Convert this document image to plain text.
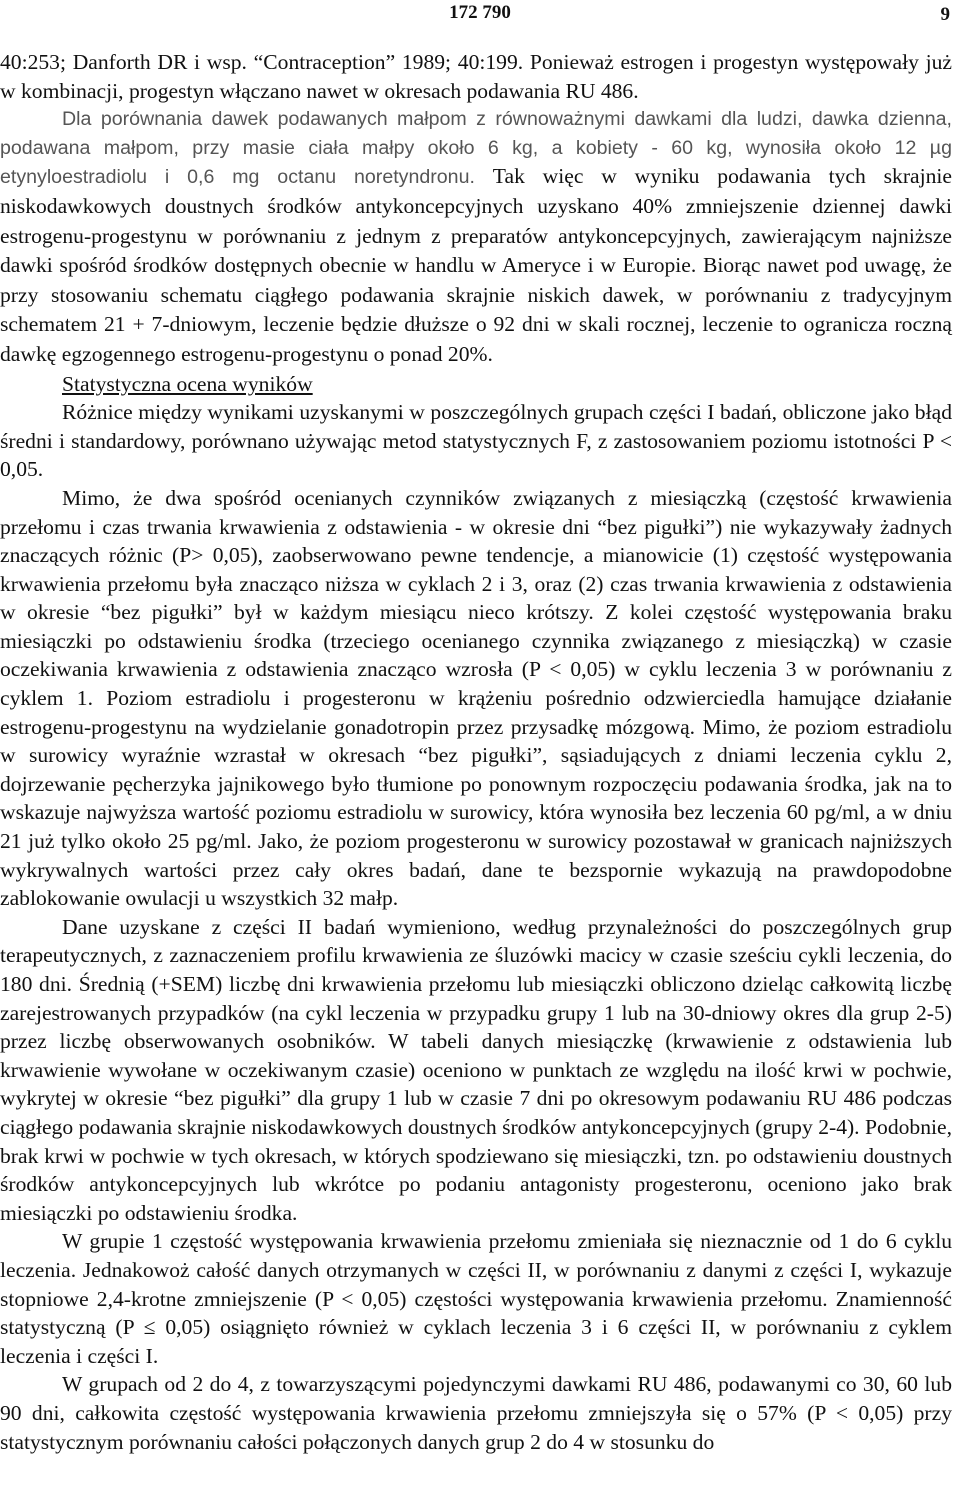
172 790	9

40:253; Danforth DR i wsp. “Contraception” 1989; 40:199. Ponieważ estrogen i progestyn występowały już w kombinacji, progestyn włączano nawet w okresach podawania RU 486.

Dla porównania dawek podawanych małpom z równoważnymi dawkami dla ludzi, dawka dzienna, podawana małpom, przy masie ciała małpy około 6 kg, a kobiety - 60 kg, wynosiła około 12 µg etynyloestradiolu i 0,6 mg octanu noretyndronu. Tak więc w wyniku podawania tych skrajnie niskodawkowych doustnych środków antykoncepcyjnych uzyskano 40% zmniejszenie dziennej dawki estrogenu-progestynu w porównaniu z jednym z preparatów antykoncepcyjnych, zawierającym najniższe dawki spośród środków dostępnych obecnie w handlu w Ameryce i w Europie. Biorąc nawet pod uwagę, że przy stosowaniu schematu ciągłego podawania skrajnie niskich dawek, w porównaniu z tradycyjnym schematem 21 + 7-dniowym, leczenie będzie dłuższe o 92 dni w skali rocznej, leczenie to ogranicza roczną dawkę egzogennego estrogenu-progestynu o ponad 20%.

Statystyczna ocena wyników

Różnice między wynikami uzyskanymi w poszczególnych grupach części I badań, obliczone jako błąd średni i standardowy, porównano używając metod statystycznych F, z zastosowaniem poziomu istotności P < 0,05.

Mimo, że dwa spośród ocenianych czynników związanych z miesiączką (częstość krwawienia przełomu i czas trwania krwawienia z odstawienia - w okresie dni “bez pigułki”) nie wykazywały żadnych znaczących różnic (P> 0,05), zaobserwowano pewne tendencje, a mianowicie (1) częstość występowania krwawienia przełomu była znacząco niższa w cyklach 2 i 3, oraz (2) czas trwania krwawienia z odstawienia w okresie “bez pigułki” był w każdym miesiącu nieco krótszy. Z kolei częstość występowania braku miesiączki po odstawieniu środka (trzeciego ocenianego czynnika związanego z miesiączką) w czasie oczekiwania krwawienia z odstawienia znacząco wzrosła (P < 0,05) w cyklu leczenia 3 w porównaniu z cyklem 1. Poziom estradiolu i progesteronu w krążeniu pośrednio odzwierciedla hamujące działanie estrogenu-progestynu na wydzielanie gonadotropin przez przysadkę mózgową. Mimo, że poziom estradiolu w surowicy wyraźnie wzrastał w okresach “bez pigułki”, sąsiadujących z dniami leczenia cyklu 2, dojrzewanie pęcherzyka jajnikowego było tłumione po ponownym rozpoczęciu podawania środka, jak na to wskazuje najwyższa wartość poziomu estradiolu w surowicy, która wynosiła bez leczenia 60 pg/ml, a w dniu 21 już tylko około 25 pg/ml. Jako, że poziom progesteronu w surowicy pozostawał w granicach najniższych wykrywalnych wartości przez cały okres badań, dane te bezspornie wykazują na prawdopodobne zablokowanie owulacji u wszystkich 32 małp.

Dane uzyskane z części II badań wymieniono, według przynależności do poszczególnych grup terapeutycznych, z zaznaczeniem profilu krwawienia ze śluzówki macicy w czasie sześciu cykli leczenia, do 180 dni. Średnią (+SEM) liczbę dni krwawienia przełomu lub miesiączki obliczono dzieląc całkowitą liczbę zarejestrowanych przypadków (na cykl leczenia w przypadku grupy 1 lub na 30-dniowy okres dla grup 2-5) przez liczbę obserwowanych osobników. W tabeli danych miesiączkę (krwawienie z odstawienia lub krwawienie wywołane w oczekiwanym czasie) oceniono w punktach ze względu na ilość krwi w pochwie, wykrytej w okresie “bez pigułki” dla grupy 1 lub w czasie 7 dni po okresowym podawaniu RU 486 podczas ciągłego podawania skrajnie niskodawkowych doustnych środków antykoncepcyjnych (grupy 2-4). Podobnie, brak krwi w pochwie w tych okresach, w których spodziewano się miesiączki, tzn. po odstawieniu doustnych środków antykoncepcyjnych lub wkrótce po podaniu antagonisty progesteronu, oceniono jako brak miesiączki po odstawieniu środka.

W grupie 1 częstość występowania krwawienia przełomu zmieniała się nieznacznie od 1 do 6 cyklu leczenia. Jednakowoż całość danych otrzymanych w części II, w porównaniu z danymi z części I, wykazuje stopniowe 2,4-krotne zmniejszenie (P < 0,05) częstości występowania krwawienia przełomu. Znamienność statystyczną (P ≤ 0,05) osiągnięto również w cyklach leczenia 3 i 6 części II, w porównaniu z cyklem leczenia i części I.

W grupach od 2 do 4, z towarzyszącymi pojedynczymi dawkami RU 486, podawanymi co 30, 60 lub 90 dni, całkowita częstość występowania krwawienia przełomu zmniejszyła się o 57% (P < 0,05) przy statystycznym porównaniu całości połączonych danych grup 2 do 4 w stosunku do
